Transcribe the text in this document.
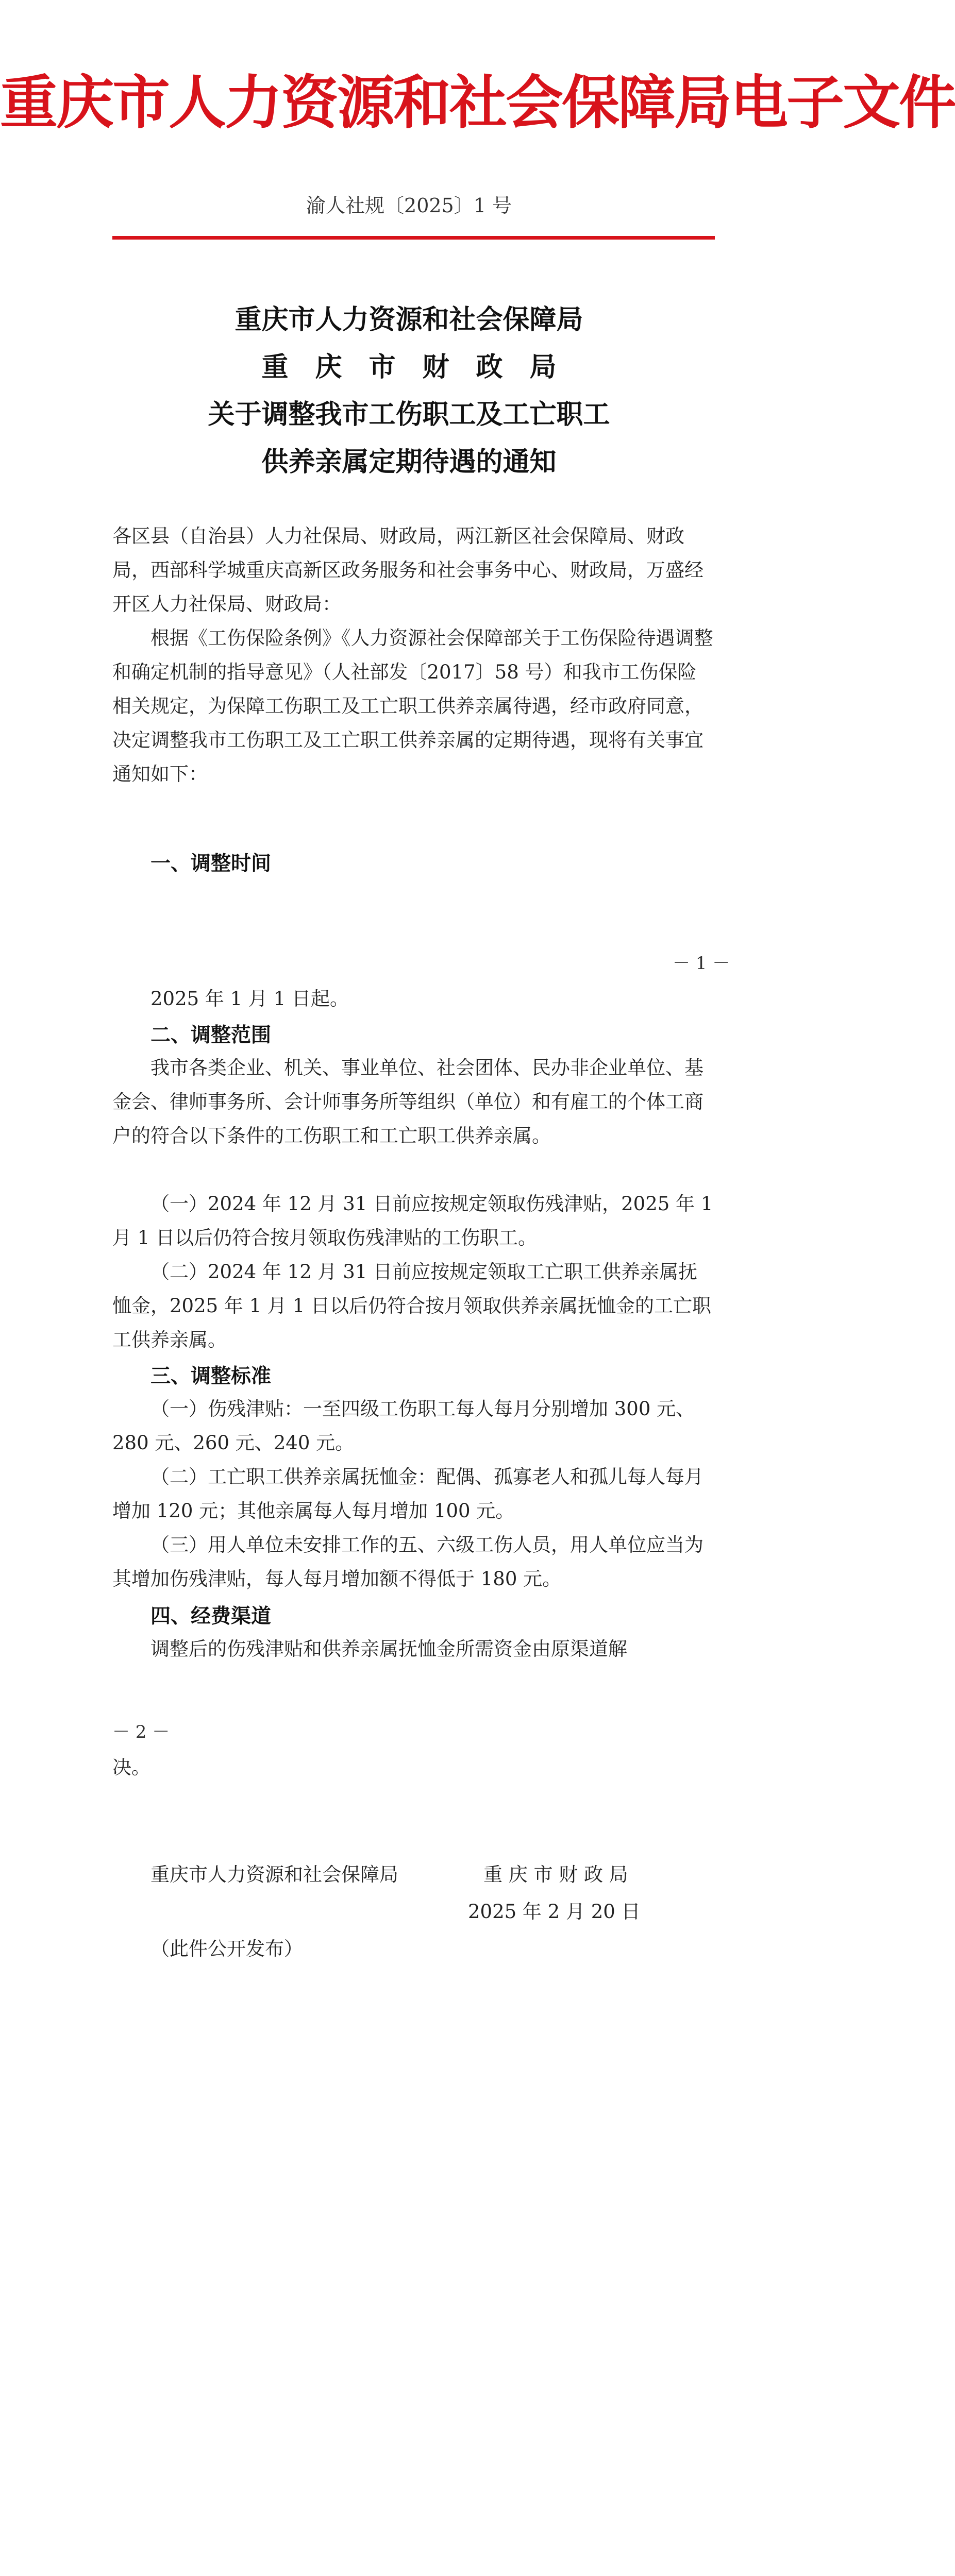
重庆市人力资源和社会保障局电子文件
渝人社规〔2025〕1 号
重庆市人力资源和社会保障局
重　庆　市　财　政　局
关于调整我市工伤职工及工亡职工
供养亲属定期待遇的通知
各区县（自治县）人力社保局、财政局，两江新区社会保障局、财政局，西部科学城重庆高新区政务服务和社会事务中心、财政局，万盛经开区人力社保局、财政局：
根据《工伤保险条例》《人力资源社会保障部关于工伤保险待遇调整和确定机制的指导意见》（人社部发〔2017〕58 号）和我市工伤保险相关规定，为保障工伤职工及工亡职工供养亲属待遇，经市政府同意，决定调整我市工伤职工及工亡职工供养亲属的定期待遇，现将有关事宜通知如下：
一、调整时间
－ 1 －
2025 年 1 月 1 日起。
二、调整范围
我市各类企业、机关、事业单位、社会团体、民办非企业单位、基金会、律师事务所、会计师事务所等组织（单位）和有雇工的个体工商户的符合以下条件的工伤职工和工亡职工供养亲属。
（一）2024 年 12 月 31 日前应按规定领取伤残津贴，2025 年 1 月 1 日以后仍符合按月领取伤残津贴的工伤职工。
（二）2024 年 12 月 31 日前应按规定领取工亡职工供养亲属抚恤金，2025 年 1 月 1 日以后仍符合按月领取供养亲属抚恤金的工亡职工供养亲属。
三、调整标准
（一）伤残津贴：一至四级工伤职工每人每月分别增加 300 元、280 元、260 元、240 元。
（二）工亡职工供养亲属抚恤金：配偶、孤寡老人和孤儿每人每月增加 120 元；其他亲属每人每月增加 100 元。
（三）用人单位未安排工作的五、六级工伤人员，用人单位应当为其增加伤残津贴，每人每月增加额不得低于 180 元。
四、经费渠道
调整后的伤残津贴和供养亲属抚恤金所需资金由原渠道解
－ 2 －
决。
重庆市人力资源和社会保障局	重 庆 市 财 政 局
2025 年 2 月 20 日
（此件公开发布）
